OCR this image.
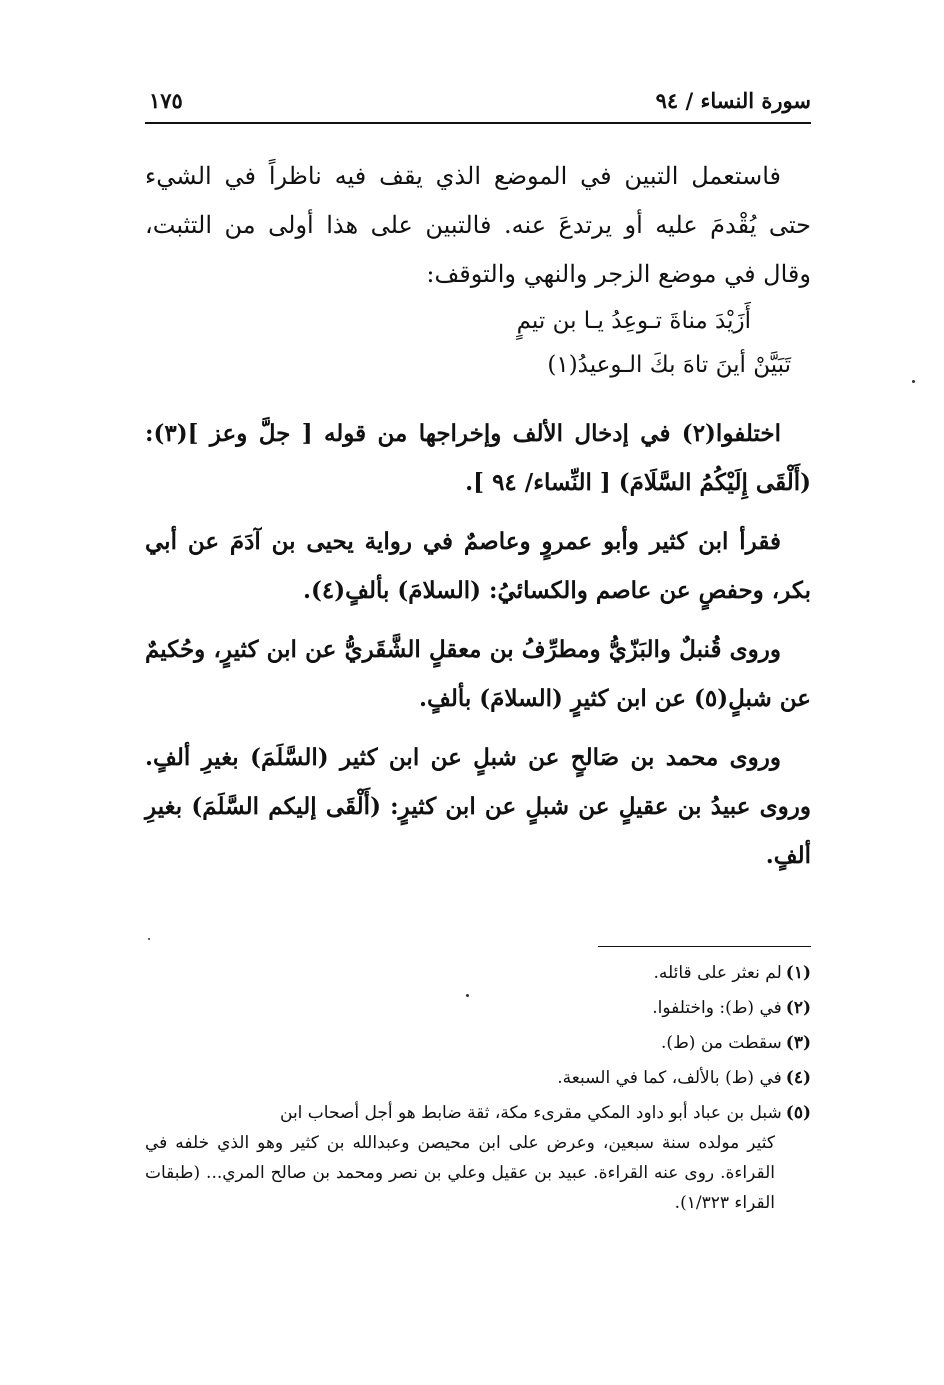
سورة النساء / ٩٤
١٧٥

فاستعمل التبين في الموضع الذي يقف فيه ناظراً في الشيء حتى يُقْدمَ عليه أو يرتدعَ عنه. فالتبين على هذا أولى من التثبت، وقال في موضع الزجر والنهي والتوقف:

أَزَيْدَ مناةَ تـوعِدُ يـا بن تيمٍ

تَبَيَّنْ أينَ تاهَ بكَ الـوعيدُ(١)

اختلفوا(٢) في إدخال الألف وإخراجها من قوله [ جلَّ وعز ](٣): (أَلْقَى إِلَيْكُمُ السَّلَامَ) [ النِّساء/ ٩٤ ].

فقرأ ابن كثير وأبو عمروٍ وعاصمٌ في رواية يحيى بن آدَمَ عن أبي بكر، وحفصٍ عن عاصم والكسائيُ: (السلامَ) بألفٍ(٤).

وروى قُنبلٌ والبَزّيُّ ومطرِّفُ بن معقلٍ الشَّقَريُّ عن ابن كثيرٍ، وحُكيمٌ عن شبلٍ(٥) عن ابن كثيرٍ (السلامَ) بألفٍ.

وروى محمد بن صَالحٍ عن شبلٍ عن ابن كثير (السَّلَمَ) بغيرِ ألفٍ. وروى عبيدُ بن عقيلٍ عن شبلٍ عن ابن كثيرٍ: (أَلْقَى إليكم السَّلَمَ) بغيرِ ألفٍ.

(١)لم نعثر على قائله.

(٢)في (ط): واختلفوا.

(٣)سقطت من (ط).

(٤)في (ط) بالألف، كما في السبعة.

(٥)شبل بن عباد أبو داود المكي مقرىء مكة، ثقة ضابط هو أجل أصحاب ابن
كثير مولده سنة سبعين، وعرض على ابن محيصن وعبدالله بن كثير وهو الذي خلفه في القراءة. روى عنه القراءة. عبيد بن عقيل وعلي بن نصر ومحمد بن صالح المري... (طبقات القراء ١/٣٢٣).
